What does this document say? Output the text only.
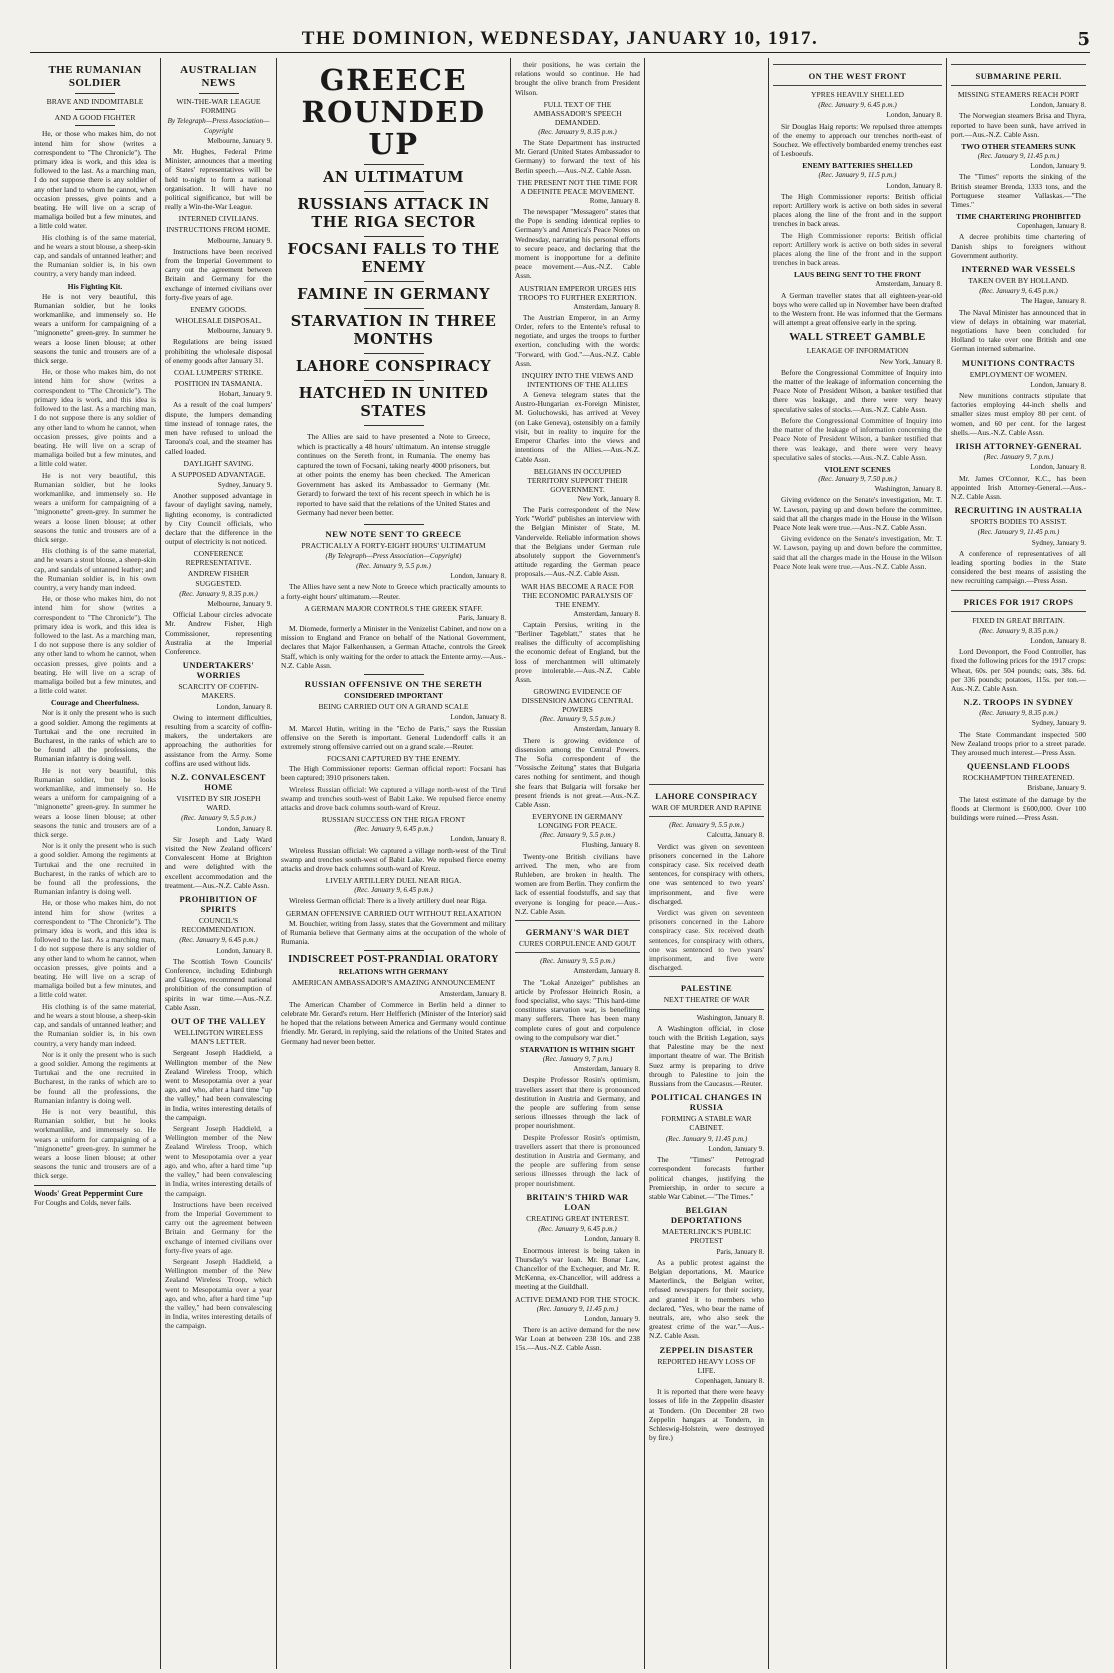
THE DOMINION, WEDNESDAY, JANUARY 10, 1917.	5
THE RUMANIAN SOLDIER
BRAVE AND INDOMITABLE
AND A GOOD FIGHTER

He, or those who makes him, do not intend him for show (writes a correspondent to "The Chronicle"). The primary idea is work, and this idea is followed to the last. As a marching man, I do not suppose there is any soldier of any other land to whom he cannot, when occasion presses, give points and a beating. He will live on a scrap of mamaliga boiled but a few minutes, and a little cold water.

His clothing is of the same material, and he wears a stout blouse, a sheep-skin cap, and sandals of untanned leather; and the Rumanian soldier is, in his own country, a very handy man indeed.

His Fighting Kit.

He is not very beautiful, this Rumanian soldier, but he looks workmanlike, and immensely so. He wears a uniform for campaigning of a "mignonette" green-grey. In summer he wears a loose linen blouse; at other seasons the tunic and trousers are of a thick serge.

He, or those who makes him, do not intend him for show (writes a correspondent to "The Chronicle"). The primary idea is work, and this idea is followed to the last. As a marching man, I do not suppose there is any soldier of any other land to whom he cannot, when occasion presses, give points and a beating. He will live on a scrap of mamaliga boiled but a few minutes, and a little cold water.

He is not very beautiful, this Rumanian soldier, but he looks workmanlike, and immensely so. He wears a uniform for campaigning of a "mignonette" green-grey. In summer he wears a loose linen blouse; at other seasons the tunic and trousers are of a thick serge.

His clothing is of the same material, and he wears a stout blouse, a sheep-skin cap, and sandals of untanned leather; and the Rumanian soldier is, in his own country, a very handy man indeed.

He, or those who makes him, do not intend him for show (writes a correspondent to "The Chronicle"). The primary idea is work, and this idea is followed to the last. As a marching man, I do not suppose there is any soldier of any other land to whom he cannot, when occasion presses, give points and a beating. He will live on a scrap of mamaliga boiled but a few minutes, and a little cold water.

Courage and Cheerfulness.

Nor is it only the present who is such a good soldier. Among the regiments at Turtukai and the one recruited in Bucharest, in the ranks of which are to be found all the professions, the Rumanian infantry is doing well.

He is not very beautiful, this Rumanian soldier, but he looks workmanlike, and immensely so. He wears a uniform for campaigning of a "mignonette" green-grey. In summer he wears a loose linen blouse; at other seasons the tunic and trousers are of a thick serge.

Nor is it only the present who is such a good soldier. Among the regiments at Turtukai and the one recruited in Bucharest, in the ranks of which are to be found all the professions, the Rumanian infantry is doing well.

He, or those who makes him, do not intend him for show (writes a correspondent to "The Chronicle"). The primary idea is work, and this idea is followed to the last. As a marching man, I do not suppose there is any soldier of any other land to whom he cannot, when occasion presses, give points and a beating. He will live on a scrap of mamaliga boiled but a few minutes, and a little cold water.

His clothing is of the same material, and he wears a stout blouse, a sheep-skin cap, and sandals of untanned leather; and the Rumanian soldier is, in his own country, a very handy man indeed.

Nor is it only the present who is such a good soldier. Among the regiments at Turtukai and the one recruited in Bucharest, in the ranks of which are to be found all the professions, the Rumanian infantry is doing well.

He is not very beautiful, this Rumanian soldier, but he looks workmanlike, and immensely so. He wears a uniform for campaigning of a "mignonette" green-grey. In summer he wears a loose linen blouse; at other seasons the tunic and trousers are of a thick serge.

Woods' Great Peppermint Cure
For Coughs and Colds, never fails.
AUSTRALIAN NEWS
WIN-THE-WAR LEAGUE FORMING
By Telegraph—Press Association—Copyright
Melbourne, January 9.

Mr. Hughes, Federal Prime Minister, announces that a meeting of States' representatives will be held to-night to form a national organisation. It will have no political significance, but will be really a Win-the-War League.

INTERNED CIVILIANS.
INSTRUCTIONS FROM HOME.
Melbourne, January 9.

Instructions have been received from the Imperial Government to carry out the agreement between Britain and Germany for the exchange of interned civilians over forty-five years of age.

ENEMY GOODS.
WHOLESALE DISPOSAL.
Melbourne, January 9.

Regulations are being issued prohibiting the wholesale disposal of enemy goods after January 31.

COAL LUMPERS' STRIKE.
POSITION IN TASMANIA.
Hobart, January 9.

As a result of the coal lumpers' dispute, the lumpers demanding time instead of tonnage rates, the men have refused to unload the Taroona's coal, and the steamer has called loaded.

DAYLIGHT SAVING.
A SUPPOSED ADVANTAGE.
Sydney, January 9.

Another supposed advantage in favour of daylight saving, namely, lighting economy, is contradicted by City Council officials, who declare that the difference in the output of electricity is not noticed.

CONFERENCE REPRESENTATIVE.
ANDREW FISHER SUGGESTED.
(Rec. January 9, 8.35 p.m.)
Melbourne, January 9.

Official Labour circles advocate Mr. Andrew Fisher, High Commissioner, representing Australia at the Imperial Conference.

UNDERTAKERS' WORRIES
SCARCITY OF COFFIN-MAKERS.
London, January 8.

Owing to interment difficulties, resulting from a scarcity of coffin-makers, the undertakers are approaching the authorities for assistance from the Army. Some coffins are used without lids.

N.Z. CONVALESCENT HOME
VISITED BY SIR JOSEPH WARD.
(Rec. January 9, 5.5 p.m.)
London, January 8.

Sir Joseph and Lady Ward visited the New Zealand officers' Convalescent Home at Brighton and were delighted with the excellent accommodation and the treatment.—Aus.-N.Z. Cable Assn.

PROHIBITION OF SPIRITS
COUNCIL'S RECOMMENDATION.
(Rec. January 9, 6.45 p.m.)
London, January 8.

The Scottish Town Councils' Conference, including Edinburgh and Glasgow, recommend national prohibition of the consumption of spirits in war time.—Aus.-N.Z. Cable Assn.

OUT OF THE VALLEY
WELLINGTON WIRELESS MAN'S LETTER.

Sergeant Joseph Haddield, a Wellington member of the New Zealand Wireless Troop, which went to Mesopotamia over a year ago, and who, after a hard time "up the valley," had been convalescing in India, writes interesting details of the campaign.

Sergeant Joseph Haddield, a Wellington member of the New Zealand Wireless Troop, which went to Mesopotamia over a year ago, and who, after a hard time "up the valley," had been convalescing in India, writes interesting details of the campaign.

Instructions have been received from the Imperial Government to carry out the agreement between Britain and Germany for the exchange of interned civilians over forty-five years of age.

Sergeant Joseph Haddield, a Wellington member of the New Zealand Wireless Troop, which went to Mesopotamia over a year ago, and who, after a hard time "up the valley," had been convalescing in India, writes interesting details of the campaign.

GREECE ROUNDED UP
AN ULTIMATUM
RUSSIANS ATTACK IN THE RIGA SECTOR
FOCSANI FALLS TO THE ENEMY
FAMINE IN GERMANY
STARVATION IN THREE MONTHS
LAHORE CONSPIRACY
HATCHED IN UNITED STATES

The Allies are said to have presented a Note to Greece, which is practically a 48 hours' ultimatum. An intense struggle continues on the Sereth front, in Rumania. The enemy has captured the town of Focsani, taking nearly 4000 prisoners, but at other points the enemy has been checked. The American Government has asked its Ambassador to Germany (Mr. Gerard) to forward the text of his recent speech in which he is reported to have said that the relations of the United States and Germany had never been better.

NEW NOTE SENT TO GREECE
PRACTICALLY A FORTY-EIGHT HOURS' ULTIMATUM
(By Telegraph—Press Association—Copyright)
(Rec. January 9, 5.5 p.m.)
London, January 8.

The Allies have sent a new Note to Greece which practically amounts to a forty-eight hours' ultimatum.—Reuter.

A GERMAN MAJOR CONTROLS THE GREEK STAFF.
Paris, January 8.

M. Diomede, formerly a Minister in the Venizelist Cabinet, and now on a mission to England and France on behalf of the National Government, declares that Major Falkenhausen, a German Attache, controls the Greek Staff, which is only waiting for the order to attack the Entente army.—Aus.-N.Z. Cable Assn.

RUSSIAN OFFENSIVE ON THE SERETH
CONSIDERED IMPORTANT
BEING CARRIED OUT ON A GRAND SCALE
London, January 8.

M. Marcel Hutin, writing in the "Echo de Paris," says the Russian offensive on the Sereth is important. General Ludendorff calls it an extremely strong offensive carried out on a grand scale.—Reuter.

FOCSANI CAPTURED BY THE ENEMY.

The High Commissioner reports: German official report: Focsani has been captured; 3910 prisoners taken.

Wireless Russian official: We captured a village north-west of the Tirul swamp and trenches south-west of Babit Lake. We repulsed fierce enemy attacks and drove back columns south-ward of Kreuz.

RUSSIAN SUCCESS ON THE RIGA FRONT
(Rec. January 9, 6.45 p.m.)
London, January 8.

Wireless Russian official: We captured a village north-west of the Tirul swamp and trenches south-west of Babit Lake. We repulsed fierce enemy attacks and drove back columns south-ward of Kreuz.

LIVELY ARTILLERY DUEL NEAR RIGA.
(Rec. January 9, 6.45 p.m.)

Wireless German official: There is a lively artillery duel near Riga.

GERMAN OFFENSIVE CARRIED OUT WITHOUT RELAXATION

M. Bouchier, writing from Jassy, states that the Government and military of Rumania believe that Germany aims at the occupation of the whole of Rumania.

INDISCREET POST-PRANDIAL ORATORY
RELATIONS WITH GERMANY
AMERICAN AMBASSADOR'S AMAZING ANNOUNCEMENT
Amsterdam, January 8.

The American Chamber of Commerce in Berlin held a dinner to celebrate Mr. Gerard's return. Herr Helfferich (Minister of the Interior) said he hoped that the relations between America and Germany would continue friendly. Mr. Gerard, in replying, said the relations of the United States and Germany had never been better.

their positions, he was certain the relations would so continue. He had brought the olive branch from President Wilson.

FULL TEXT OF THE AMBASSADOR'S SPEECH DEMANDED.
(Rec. January 9, 8.35 p.m.)

The State Department has instructed Mr. Gerard (United States Ambassador to Germany) to forward the text of his Berlin speech.—Aus.-N.Z. Cable Assn.

THE PRESENT NOT THE TIME FOR A DEFINITE PEACE MOVEMENT.
Rome, January 8.

The newspaper "Messagero" states that the Pope is sending identical replies to Germany's and America's Peace Notes on Wednesday, narrating his personal efforts to secure peace, and declaring that the moment is inopportune for a definite peace movement.—Aus.-N.Z. Cable Assn.

AUSTRIAN EMPEROR URGES HIS TROOPS TO FURTHER EXERTION.
Amsterdam, January 8.

The Austrian Emperor, in an Army Order, refers to the Entente's refusal to negotiate, and urges the troops to further exertion, concluding with the words: "Forward, with God."—Aus.-N.Z. Cable Assn.

INQUIRY INTO THE VIEWS AND INTENTIONS OF THE ALLIES

A Geneva telegram states that the Austro-Hungarian ex-Foreign Minister, M. Goluchowski, has arrived at Vevey (on Lake Geneva), ostensibly on a family visit, but in reality to inquire for the Emperor Charles into the views and intentions of the Allies.—Aus.-N.Z. Cable Assn.

BELGIANS IN OCCUPIED TERRITORY SUPPORT THEIR GOVERNMENT.
New York, January 8.

The Paris correspondent of the New York "World" publishes an interview with the Belgian Minister of State, M. Vandervelde. Reliable information shows that the Belgians under German rule absolutely support the Government's attitude regarding the German peace proposals.—Aus.-N.Z. Cable Assn.

WAR HAS BECOME A RACE FOR THE ECONOMIC PARALYSIS OF THE ENEMY.
Amsterdam, January 8.

Captain Persius, writing in the "Berliner Tageblatt," states that he realises the difficulty of accomplishing the economic defeat of England, but the loss of merchantmen will ultimately prove intolerable.—Aus.-N.Z. Cable Assn.

GROWING EVIDENCE OF DISSENSION AMONG CENTRAL POWERS
(Rec. January 9, 5.5 p.m.)
Amsterdam, January 8.

There is growing evidence of dissension among the Central Powers. The Sofia correspondent of the "Vossische Zeitung" states that Bulgaria cares nothing for sentiment, and though she fears that Bulgaria will forsake her present friends is not great.—Aus.-N.Z. Cable Assn.

EVERYONE IN GERMANY LONGING FOR PEACE.
(Rec. January 9, 5.5 p.m.)
Flushing, January 8.

Twenty-one British civilians have arrived. The men, who are from Ruhleben, are broken in health. The women are from Berlin. They confirm the lack of essential foodstuffs, and say that everyone is longing for peace.—Aus.-N.Z. Cable Assn.

GERMANY'S WAR DIET
CURES CORPULENCE AND GOUT
(Rec. January 9, 5.5 p.m.)
Amsterdam, January 8.

The "Lokal Anzeiger" publishes an article by Professor Heinrich Rosin, a food specialist, who says: "This hard-time constitutes starvation war, is benefiting many sufferers. There has been many complete cures of gout and corpulence owing to the compulsory war diet."

STARVATION IS WITHIN SIGHT
(Rec. January 9, 7 p.m.)
Amsterdam, January 8.

Despite Professor Rosin's optimism, travellers assert that there is pronounced destitution in Austria and Germany, and the people are suffering from sense serious illnesses through the lack of proper nourishment.

Despite Professor Rosin's optimism, travellers assert that there is pronounced destitution in Austria and Germany, and the people are suffering from sense serious illnesses through the lack of proper nourishment.

BRITAIN'S THIRD WAR LOAN
CREATING GREAT INTEREST.
(Rec. January 9, 6.45 p.m.)
London, January 8.

Enormous interest is being taken in Thursday's war loan. Mr. Bonar Law, Chancellor of the Exchequer, and Mr. R. McKenna, ex-Chancellor, will address a meeting at the Guildhall.

ACTIVE DEMAND FOR THE STOCK.
(Rec. January 9, 11.45 p.m.)
London, January 9.

There is an active demand for the new War Loan at between 238 10s. and 238 15s.—Aus.-N.Z. Cable Assn.

LAHORE CONSPIRACY
WAR OF MURDER AND RAPINE
(Rec. January 9, 5.5 p.m.)
Calcutta, January 8.

Verdict was given on seventeen prisoners concerned in the Lahore conspiracy case. Six received death sentences, for conspiracy with others, one was sentenced to two years' imprisonment, and five were discharged.

Verdict was given on seventeen prisoners concerned in the Lahore conspiracy case. Six received death sentences, for conspiracy with others, one was sentenced to two years' imprisonment, and five were discharged.

PALESTINE
NEXT THEATRE OF WAR
Washington, January 8.

A Washington official, in close touch with the British Legation, says that Palestine may be the next important theatre of war. The British Suez army is preparing to drive through to Palestine to join the Russians from the Caucasus.—Reuter.

POLITICAL CHANGES IN RUSSIA
FORMING A STABLE WAR CABINET.
(Rec. January 9, 11.45 p.m.)
London, January 9.

The "Times" Petrograd correspondent forecasts further political changes, justifying the Premiership, in order to secure a stable War Cabinet.—"The Times."

BELGIAN DEPORTATIONS
MAETERLINCK'S PUBLIC PROTEST
Paris, January 8.

As a public protest against the Belgian deportations, M. Maurice Maeterlinck, the Belgian writer, refused newspapers for their society, and granted it to members who declared, "Yes, who bear the name of neutrals, are, who also seek the greatest crime of the war."—Aus.-N.Z. Cable Assn.

ZEPPELIN DISASTER
REPORTED HEAVY LOSS OF LIFE.
Copenhagen, January 8.

It is reported that there were heavy losses of life in the Zeppelin disaster at Tondern. (On December 28 two Zeppelin hangars at Tondern, in Schleswig-Holstein, were destroyed by fire.)

ON THE WEST FRONT
YPRES HEAVILY SHELLED
(Rec. January 9, 6.45 p.m.)
London, January 8.

Sir Douglas Haig reports: We repulsed three attempts of the enemy to approach our trenches north-east of Souchez. We effectively bombarded enemy trenches east of Lesboeufs.

ENEMY BATTERIES SHELLED
(Rec. January 9, 11.5 p.m.)
London, January 8.

The High Commissioner reports: British official report: Artillery work is active on both sides in several places along the line of the front and in the support trenches in back areas.

The High Commissioner reports: British official report: Artillery work is active on both sides in several places along the line of the front and in the support trenches in back areas.

LAUS BEING SENT TO THE FRONT
Amsterdam, January 8.

A German traveller states that all eighteen-year-old boys who were called up in November have been drafted to the Western front. He was informed that the Germans will attempt a great offensive early in the spring.

WALL STREET GAMBLE
LEAKAGE OF INFORMATION
New York, January 8.

Before the Congressional Committee of Inquiry into the matter of the leakage of information concerning the Peace Note of President Wilson, a banker testified that there was leakage, and there were very heavy speculative sales of stocks.—Aus.-N.Z. Cable Assn.

Before the Congressional Committee of Inquiry into the matter of the leakage of information concerning the Peace Note of President Wilson, a banker testified that there was leakage, and there were very heavy speculative sales of stocks.—Aus.-N.Z. Cable Assn.

VIOLENT SCENES
(Rec. January 9, 7.50 p.m.)
Washington, January 8.

Giving evidence on the Senate's investigation, Mr. T. W. Lawson, paying up and down before the committee, said that all the charges made in the House in the Wilson Peace Note leak were true.—Aus.-N.Z. Cable Assn.

Giving evidence on the Senate's investigation, Mr. T. W. Lawson, paying up and down before the committee, said that all the charges made in the House in the Wilson Peace Note leak were true.—Aus.-N.Z. Cable Assn.

SUBMARINE PERIL
MISSING STEAMERS REACH PORT
London, January 8.

The Norwegian steamers Brisa and Thyra, reported to have been sunk, have arrived in port.—Aus.-N.Z. Cable Assn.

TWO OTHER STEAMERS SUNK
(Rec. January 9, 11.45 p.m.)
London, January 9.

The "Times" reports the sinking of the British steamer Brenda, 1333 tons, and the Portuguese steamer Vallaskas.—"The Times."

TIME CHARTERING PROHIBITED
Copenhagen, January 8.

A decree prohibits time chartering of Danish ships to foreigners without Government authority.

INTERNED WAR VESSELS
TAKEN OVER BY HOLLAND.
(Rec. January 9, 6.45 p.m.)
The Hague, January 8.

The Naval Minister has announced that in view of delays in obtaining war material, negotiations have been concluded for Holland to take over one British and one German interned submarine.

MUNITIONS CONTRACTS
EMPLOYMENT OF WOMEN.
London, January 8.

New munitions contracts stipulate that factories employing 44-inch shells and smaller sizes must employ 80 per cent. of women, and 60 per cent. for the largest shells.—Aus.-N.Z. Cable Assn.

IRISH ATTORNEY-GENERAL
(Rec. January 9, 7 p.m.)
London, January 8.

Mr. James O'Connor, K.C., has been appointed Irish Attorney-General.—Aus.-N.Z. Cable Assn.

RECRUITING IN AUSTRALIA
SPORTS BODIES TO ASSIST.
(Rec. January 9, 11.45 p.m.)
Sydney, January 9.

A conference of representatives of all leading sporting bodies in the State considered the best means of assisting the new recruiting campaign.—Press Assn.

PRICES FOR 1917 CROPS
FIXED IN GREAT BRITAIN.
(Rec. January 9, 8.35 p.m.)
London, January 8.

Lord Devonport, the Food Controller, has fixed the following prices for the 1917 crops: Wheat, 60s. per 504 pounds; oats, 38s. 6d. per 336 pounds; potatoes, 115s. per ton.—Aus.-N.Z. Cable Assn.

N.Z. TROOPS IN SYDNEY
(Rec. January 9, 8.35 p.m.)
Sydney, January 9.

The State Commandant inspected 500 New Zealand troops prior to a street parade. They aroused much interest.—Press Assn.

QUEENSLAND FLOODS
ROCKHAMPTON THREATENED.
Brisbane, January 9.

The latest estimate of the damage by the floods at Clermont is £600,000. Over 100 buildings were ruined.—Press Assn.
